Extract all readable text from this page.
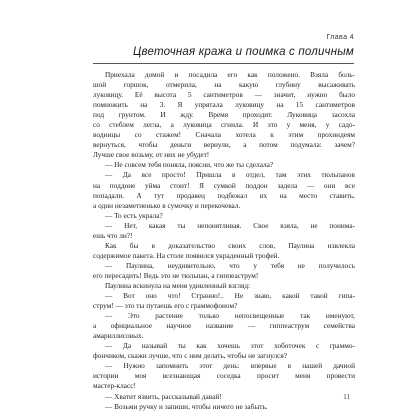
Глава 4
Цветочная кража и поимка с поличным
Приехала домой и посадила его как положено. Взяла боль-
шой горшок, отмерила, на какую глубину высаживать
луковицу. Её высота 5 сантиметров — значит, нужно было
помножить на 3. Я упрятала луковицу на 15 сантиметров
под грунтом. И жду. Время проходит. Луковица засохла
со стеблем легла, а луковица сгнила. И это у меня, у садо-
водницы со стажем! Сначала хотела к этим прохиндеям
вернуться, чтобы деньги вернули, а потом подумала: зачем?
Лучше свое возьму, от них не убудет!
— Не совсем тебя поняла, поясни, что же ты сделала?
— Да все просто! Пришла в отдел, там этих тюльпанов
на поддоне уйма стоит! Я сумкой поддон задела — они все
попадали. А тут продавец подбежал их на место ставить,
а один незаметненько в сумочку и перекочевал.
— То есть украла?
— Нет, какая ты непонятливая. Свое взяла, не понима-
ешь что ли?!
Как бы в доказательство своих слов, Паулина извлекла
содержимое пакета. На столе появился украденный трофей.
— Паулина, неудивительно, что у тебя не получилось
его пересадить! Ведь это не тюльпан, а гиппеаструм!
Паулина вскинула на меня удивленный взгляд:
— Вот оно что! Странно!.. Не знаю, какой такой гипа-
струм! — это ты путаешь его с граммофоном?
— Это растение только непосвещенные так именуют,
а официальное научное название — гиппеаструм семейства
амариллисовых.
— Да называй ты как хочешь этот хоботочек с граммо-
фончиком, скажи лучше, что с ним делать, чтобы не загнулся?
— Нужно запомнить этот день: впервые в нашей дачной
истории моя всезнающая соседка просит меня провести
мастер-класс!
— Хватит язвить, рассказывай давай!
— Возьми ручку и запиши, чтобы ничего не забыть.
11
